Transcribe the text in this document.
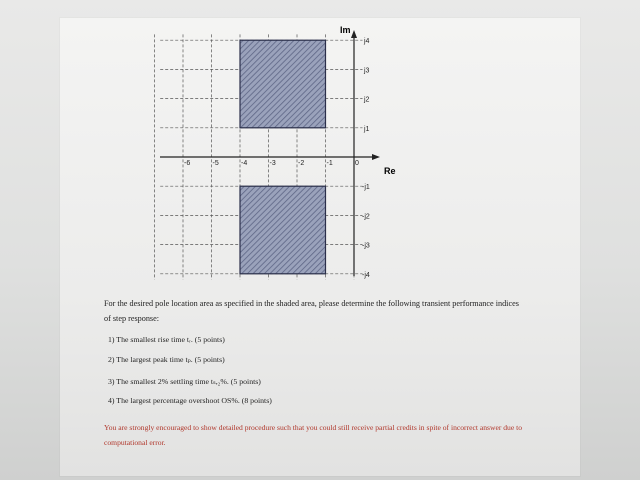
Im
Re
-6	-5	-4	-3	-2	-1	0
j1
j2
j3
j4
-j1
-j2
-j3
-j4
For the desired pole location area as specified in the shaded area, please determine the following transient performance indices of step response:
1) The smallest rise time tᵣ. (5 points)
2) The largest peak time tₚ. (5 points)
3) The smallest 2% settling time tₛ,₂%. (5 points)
4) The largest percentage overshoot OS%. (8 points)
You are strongly encouraged to show detailed procedure such that you could still receive partial credits in spite of incorrect answer due to computational error.
